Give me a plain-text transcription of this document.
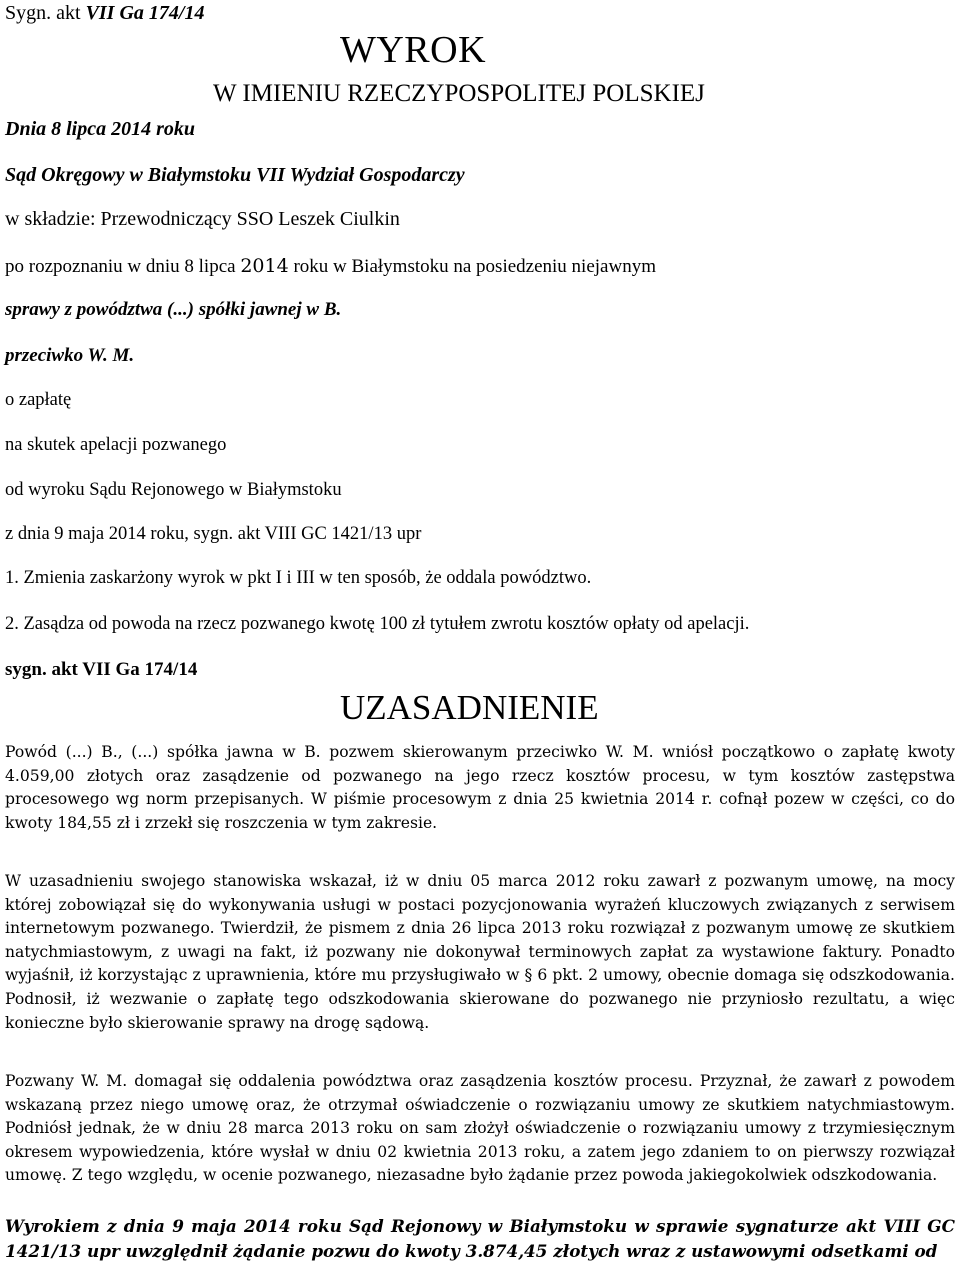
Sygn. akt VII Ga 174/14
WYROK
W IMIENIU RZECZYPOSPOLITEJ POLSKIEJ
Dnia 8 lipca 2014 roku
Sąd Okręgowy w Białymstoku VII Wydział Gospodarczy
w składzie: Przewodniczący SSO Leszek Ciulkin
po rozpoznaniu w dniu 8 lipca 2014 roku w Białymstoku na posiedzeniu niejawnym
sprawy z powództwa (...) spółki jawnej w B.
przeciwko W. M.
o zapłatę
na skutek apelacji pozwanego
od wyroku Sądu Rejonowego w Białymstoku
z dnia 9 maja 2014 roku, sygn. akt VIII GC 1421/13 upr
1. Zmienia zaskarżony wyrok w pkt I i III w ten sposób, że oddala powództwo.
2. Zasądza od powoda na rzecz pozwanego kwotę 100 zł tytułem zwrotu kosztów opłaty od apelacji.
sygn. akt VII Ga 174/14
UZASADNIENIE
Powód (...) B., (...) spółka jawna w B. pozwem skierowanym przeciwko W. M. wniósł początkowo o zapłatę kwoty 4.059,00 złotych oraz zasądzenie od pozwanego na jego rzecz kosztów procesu, w tym kosztów zastępstwa procesowego wg norm przepisanych. W piśmie procesowym z dnia 25 kwietnia 2014 r. cofnął pozew w części, co do kwoty 184,55 zł i zrzekł się roszczenia w tym zakresie.
W uzasadnieniu swojego stanowiska wskazał, iż w dniu 05 marca 2012 roku zawarł z pozwanym umowę, na mocy której zobowiązał się do wykonywania usługi w postaci pozycjonowania wyrażeń kluczowych związanych z serwisem internetowym pozwanego. Twierdził, że pismem z dnia 26 lipca 2013 roku rozwiązał z pozwanym umowę ze skutkiem natychmiastowym, z uwagi na fakt, iż pozwany nie dokonywał terminowych zapłat za wystawione faktury. Ponadto wyjaśnił, iż korzystając z uprawnienia, które mu przysługiwało w § 6 pkt. 2 umowy, obecnie domaga się odszkodowania. Podnosił, iż wezwanie o zapłatę tego odszkodowania skierowane do pozwanego nie przyniosło rezultatu, a więc konieczne było skierowanie sprawy na drogę sądową.
Pozwany W. M. domagał się oddalenia powództwa oraz zasądzenia kosztów procesu. Przyznał, że zawarł z powodem wskazaną przez niego umowę oraz, że otrzymał oświadczenie o rozwiązaniu umowy ze skutkiem natychmiastowym. Podniósł jednak, że w dniu 28 marca 2013 roku on sam złożył oświadczenie o rozwiązaniu umowy z trzymiesięcznym okresem wypowiedzenia, które wysłał w dniu 02 kwietnia 2013 roku, a zatem jego zdaniem to on pierwszy rozwiązał umowę. Z tego względu, w ocenie pozwanego, niezasadne było żądanie przez powoda jakiegokolwiek odszkodowania.
Wyrokiem z dnia 9 maja 2014 roku Sąd Rejonowy w Białymstoku w sprawie sygnaturze akt VIII GC 1421/13 upr uwzględnił żądanie pozwu do kwoty 3.874,45 złotych wraz z ustawowymi odsetkami od
